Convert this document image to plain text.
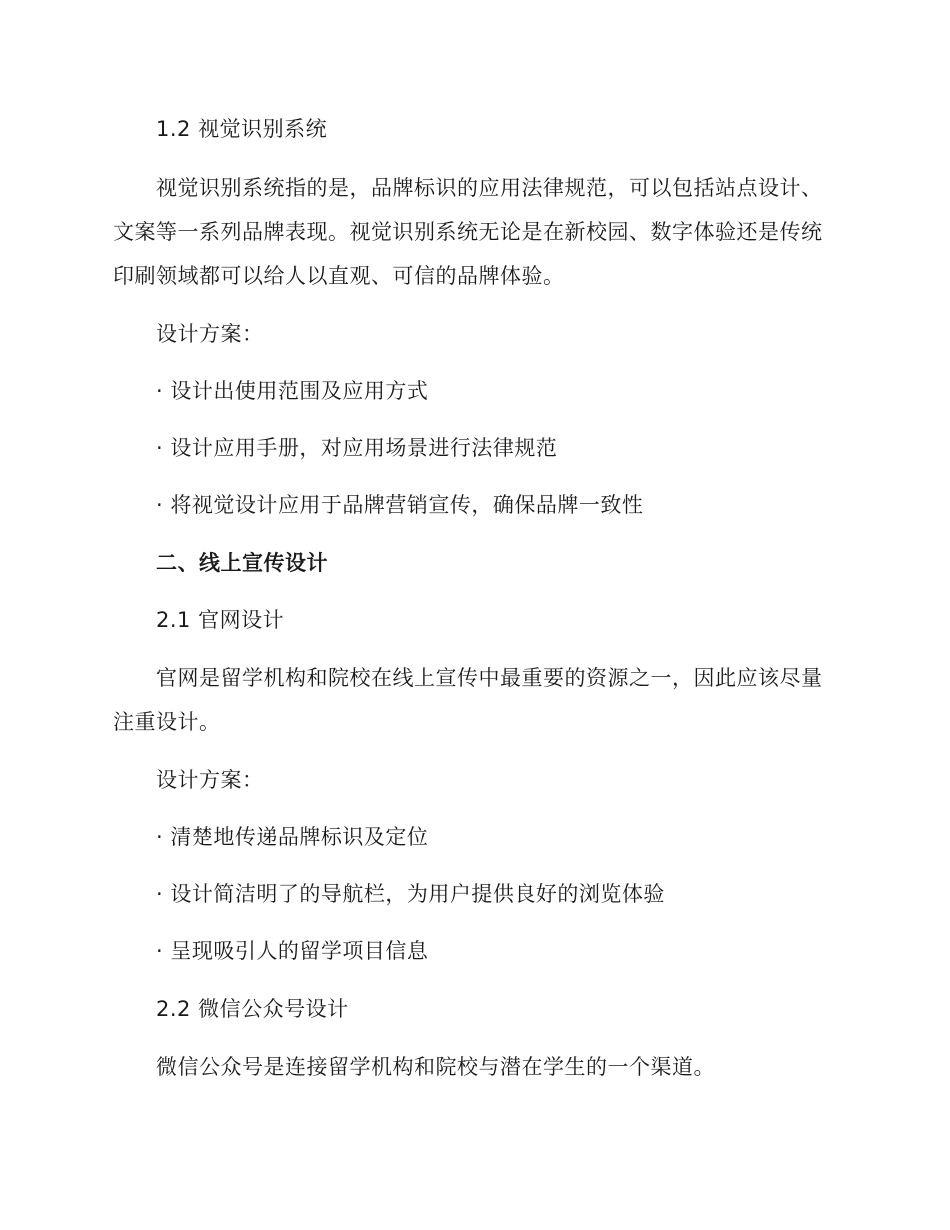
1.2 视觉识别系统
视觉识别系统指的是，品牌标识的应用法律规范，可以包括站点设计、
文案等一系列品牌表现。视觉识别系统无论是在新校园、数字体验还是传统
印刷领域都可以给人以直观、可信的品牌体验。
设计方案：
· 设计出使用范围及应用方式
· 设计应用手册，对应用场景进行法律规范
· 将视觉设计应用于品牌营销宣传，确保品牌一致性
二、线上宣传设计
2.1 官网设计
官网是留学机构和院校在线上宣传中最重要的资源之一，因此应该尽量
注重设计。
设计方案：
· 清楚地传递品牌标识及定位
· 设计简洁明了的导航栏，为用户提供良好的浏览体验
· 呈现吸引人的留学项目信息
2.2 微信公众号设计
微信公众号是连接留学机构和院校与潜在学生的一个渠道。
